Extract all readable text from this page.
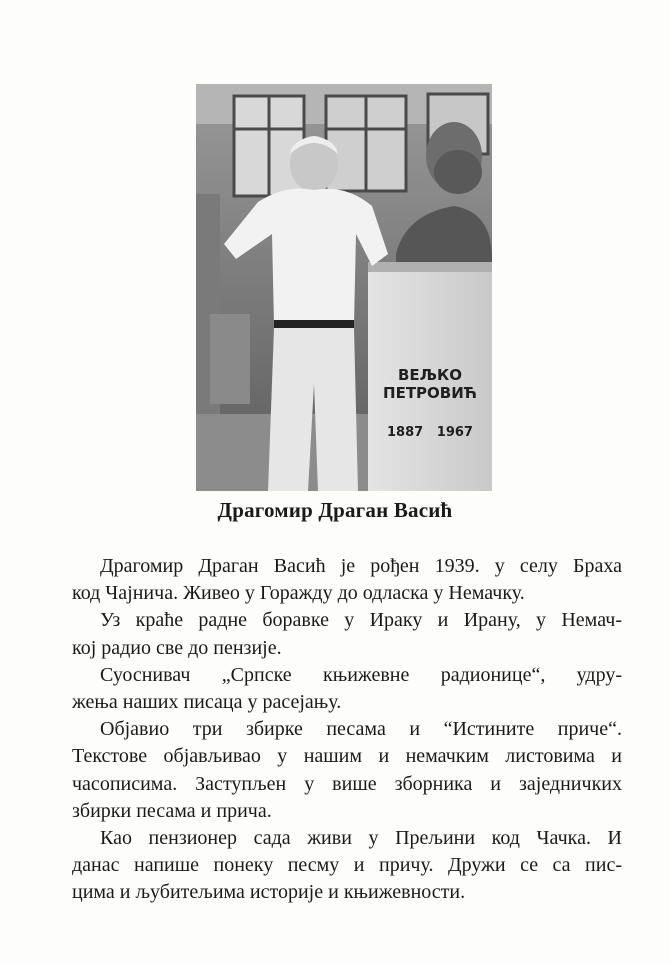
ВЕЉКО
ПЕТРОВИЋ
1887   1967
Драгомир Драган Васић
Драгомир Драган Васић је рођен 1939. у селу Браха
код Чајнича. Живео у Горажду до одласка у Немачку.
Уз краће радне боравке у Ираку и Ирану, у Немач-
кој радио све до пензије.
Суоснивач „Српске књижевне радионице“, удру-
жења наших писаца у расејању.
Објавио три збирке песама и “Истините приче“.
Текстове објављивао у нашим и немачким листовима и
часописима. Заступљен у више зборника и заједничких
збирки песама и прича.
Као пензионер сада живи у Прељини код Чачка. И
данас напише понеку песму и причу. Дружи се са пис-
цима и љубитељима историје и књижевности.
